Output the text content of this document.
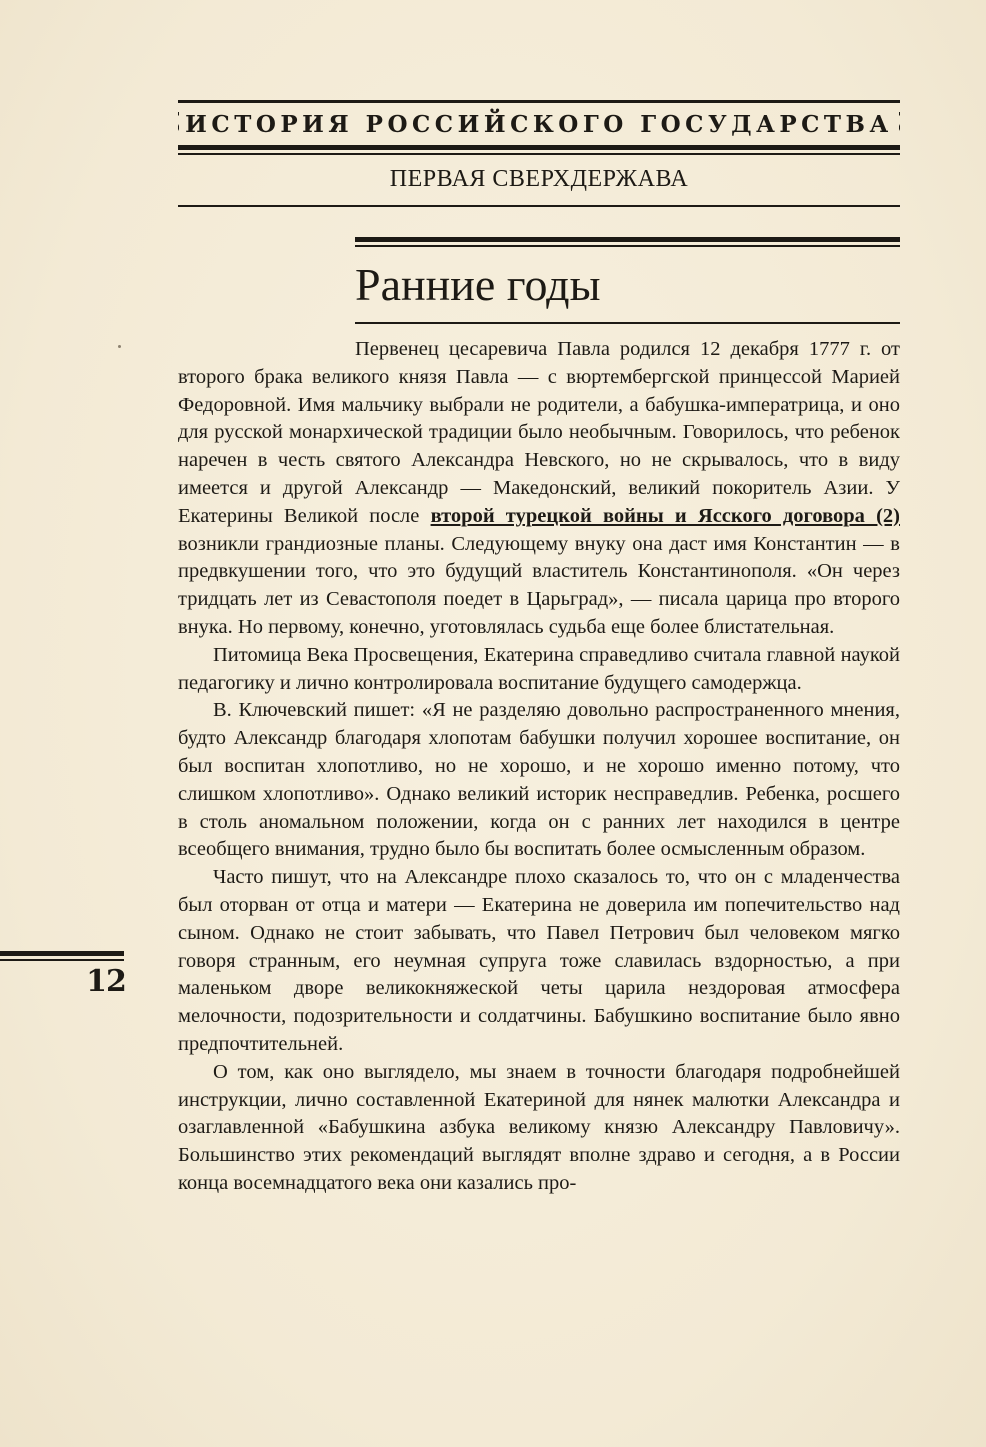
ИСТОРИЯ РОССИЙСКОГО ГОСУДАРСТВА
ПЕРВАЯ СВЕРХДЕРЖАВА
Ранние годы

Первенец цесаревича Павла родился 12 декабря 1777 г. от второго брака великого князя Павла — с вюртембергской принцессой Марией Федоровной. Имя мальчику выбрали не родители, а бабушка-императрица, и оно для русской монархической традиции было необычным. Говорилось, что ребенок наречен в честь святого Александра Невского, но не скрывалось, что в виду имеется и другой Александр — Македонский, великий покоритель Азии. У Екатерины Великой после второй турецкой войны и Ясского договора (2) возникли грандиозные планы. Следующему внуку она даст имя Константин — в предвкушении того, что это будущий властитель Константинополя. «Он через тридцать лет из Севастополя поедет в Царьград», — писала царица про второго внука. Но первому, конечно, уготовлялась судьба еще более блистательная.

Питомица Века Просвещения, Екатерина справедливо считала главной наукой педагогику и лично контролировала воспитание будущего самодержца.

В. Ключевский пишет: «Я не разделяю довольно распространенного мнения, будто Александр благодаря хлопотам бабушки получил хорошее воспитание, он был воспитан хлопотливо, но не хорошо, и не хорошо именно потому, что слишком хлопотливо». Однако великий историк несправедлив. Ребенка, росшего в столь аномальном положении, когда он с ранних лет находился в центре всеобщего внимания, трудно было бы воспитать более осмысленным образом.

Часто пишут, что на Александре плохо сказалось то, что он с младенчества был оторван от отца и матери — Екатерина не доверила им попечительство над сыном. Однако не стоит забывать, что Павел Петрович был человеком мягко говоря странным, его неумная супруга тоже славилась вздорностью, а при маленьком дворе великокняжеской четы царила нездоровая атмосфера мелочности, подозрительности и солдатчины. Бабушкино воспитание было явно предпочтительней.

О том, как оно выглядело, мы знаем в точности благодаря подробнейшей инструкции, лично составленной Екатериной для нянек малютки Александра и озаглавленной «Бабушкина азбука великому князю Александру Павловичу». Большинство этих рекомендаций выглядят вполне здраво и сегодня, а в России конца восемнадцатого века они казались про-

12
